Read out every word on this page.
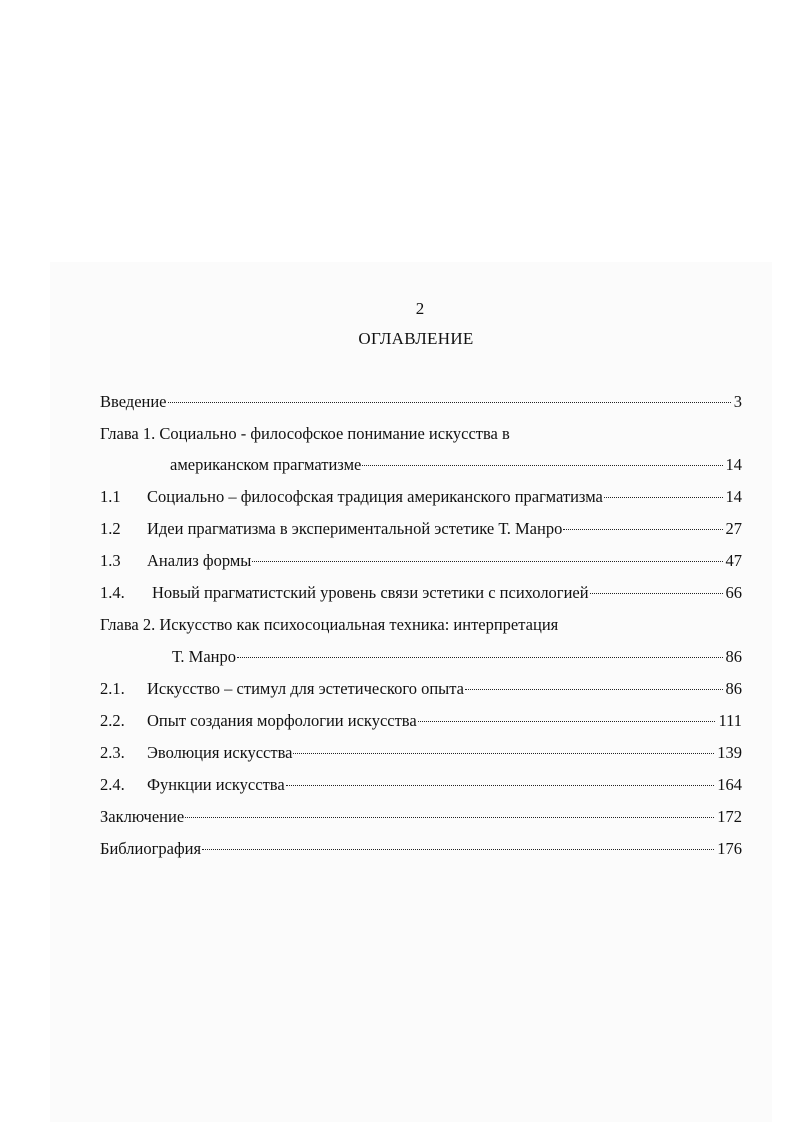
2
ОГЛАВЛЕНИЕ
Введение	3
Глава 1. Социально - философское понимание искусства в
американском прагматизме	14
1.1	Социально – философская традиция американского прагматизма	14
1.2	Идеи прагматизма в экспериментальной эстетике Т. Манро	27
1.3	Анализ формы	47
1.4.	Новый прагматистский уровень связи эстетики с психологией	66
Глава 2. Искусство как психосоциальная техника: интерпретация
Т. Манро	86
2.1.	Искусство – стимул для эстетического опыта	86
2.2.	Опыт создания морфологии искусства	111
2.3.	Эволюция искусства	139
2.4.	Функции искусства	164
Заключение	172
Библиография	176
